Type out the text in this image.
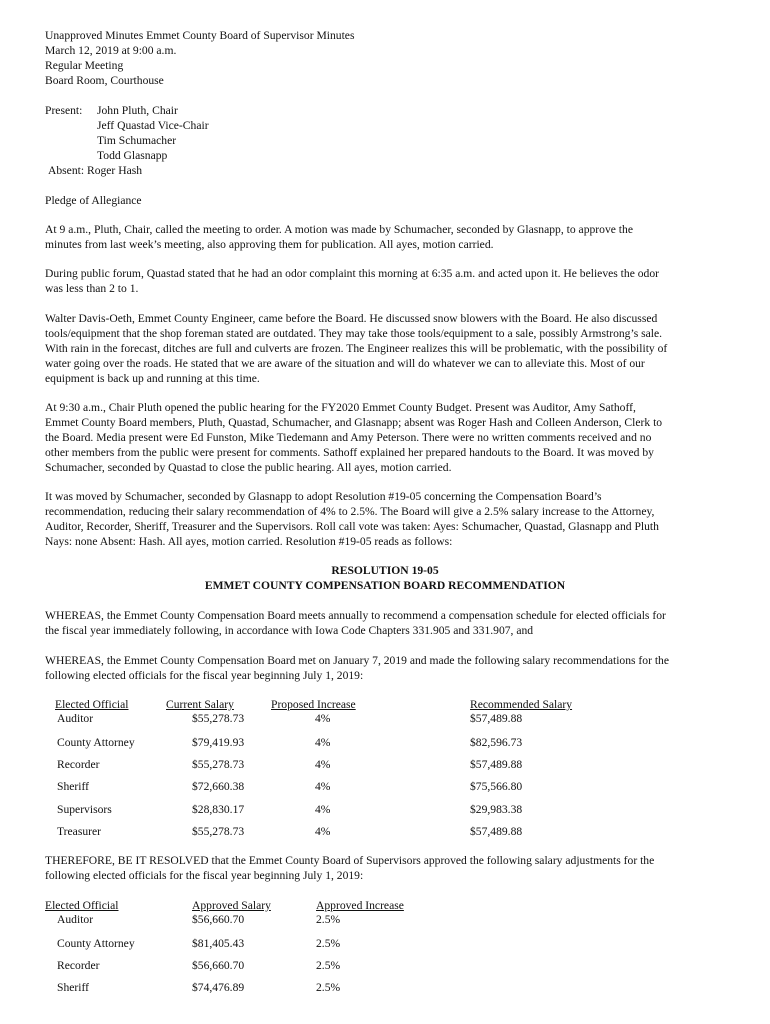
Unapproved Minutes Emmet County Board of Supervisor Minutes

March 12, 2019 at 9:00 a.m.

Regular Meeting

Board Room, Courthouse

Present: John Pluth, Chair
Jeff Quastad Vice-Chair
Tim Schumacher
Todd Glasnapp
Absent: Roger Hash
Pledge of Allegiance

At 9 a.m., Pluth, Chair, called the meeting to order. A motion was made by Schumacher, seconded by Glasnapp, to approve the

minutes from last week’s meeting, also approving them for publication. All ayes, motion carried.

During public forum, Quastad stated that he had an odor complaint this morning at 6:35 a.m. and acted upon it. He believes the odor

was less than 2 to 1.

Walter Davis-Oeth, Emmet County Engineer, came before the Board. He discussed snow blowers with the Board. He also discussed

tools/equipment that the shop foreman stated are outdated. They may take those tools/equipment to a sale, possibly Armstrong’s sale.

With rain in the forecast, ditches are full and culverts are frozen. The Engineer realizes this will be problematic, with the possibility of

water going over the roads. He stated that we are aware of the situation and will do whatever we can to alleviate this. Most of our

equipment is back up and running at this time.

At 9:30 a.m., Chair Pluth opened the public hearing for the FY2020 Emmet County Budget. Present was Auditor, Amy Sathoff,

Emmet County Board members, Pluth, Quastad, Schumacher, and Glasnapp; absent was Roger Hash and Colleen Anderson, Clerk to

the Board. Media present were Ed Funston, Mike Tiedemann and Amy Peterson. There were no written comments received and no

other members from the public were present for comments. Sathoff explained her prepared handouts to the Board. It was moved by

Schumacher, seconded by Quastad to close the public hearing. All ayes, motion carried.

It was moved by Schumacher, seconded by Glasnapp to adopt Resolution #19-05 concerning the Compensation Board’s

recommendation, reducing their salary recommendation of 4% to 2.5%. The Board will give a 2.5% salary increase to the Attorney,

Auditor, Recorder, Sheriff, Treasurer and the Supervisors. Roll call vote was taken: Ayes: Schumacher, Quastad, Glasnapp and Pluth

Nays: none Absent: Hash. All ayes, motion carried. Resolution #19-05 reads as follows:

RESOLUTION 19-05
EMMET COUNTY COMPENSATION BOARD RECOMMENDATION

WHEREAS, the Emmet County Compensation Board meets annually to recommend a compensation schedule for elected officials for

the fiscal year immediately following, in accordance with Iowa Code Chapters 331.905 and 331.907, and

WHEREAS, the Emmet County Compensation Board met on January 7, 2019 and made the following salary recommendations for the

following elected officials for the fiscal year beginning July 1, 2019:

Elected Official	Current Salary	Proposed Increase	Recommended Salary
Auditor	$55,278.73	4%	$57,489.88
County Attorney	$79,419.93	4%	$82,596.73
Recorder	$55,278.73	4%	$57,489.88
Sheriff	$72,660.38	4%	$75,566.80
Supervisors	$28,830.17	4%	$29,983.38
Treasurer	$55,278.73	4%	$57,489.88

THEREFORE, BE IT RESOLVED that the Emmet County Board of Supervisors approved the following salary adjustments for the

following elected officials for the fiscal year beginning July 1, 2019:

Elected Official	Approved Salary	Approved Increase
Auditor	$56,660.70	2.5%
County Attorney	$81,405.43	2.5%
Recorder	$56,660.70	2.5%
Sheriff	$74,476.89	2.5%
